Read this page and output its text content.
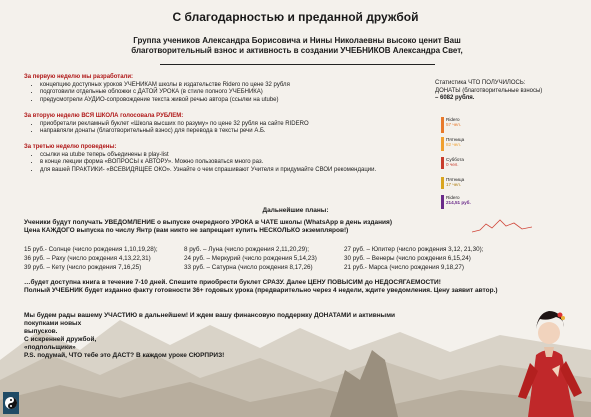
С благодарностью и преданной дружбой
Группа учеников Александра Борисовича и Нины Николаевны высоко ценит Ваш
благотворительный взнос и активность в создании УЧЕБНИКОВ Александра Свет,
За первую неделю мы разработали:
• концепцию доступных уроков УЧЕНИКАМ школы в издательстве Ridero по цене 32 рубля
• подготовили отдельные обложки с ДАТОЙ УРОКА (в стиле полного УЧЕБНИКА)
• предусмотрели АУДИО-сопровождение текста живой речью автора (ссылки на utube)
За вторую неделю ВСЯ ШКОЛА голосовала РУБЛЕМ:
• приобретали рекламный буклет «Школа высших по разуму» по цене 32 рубля на сайте RIDERO
• направляли донаты (благотворительный взнос) для перевода в тексты речи А.Б.
За третью неделю проведены:
• ссылки на utube теперь объединены в play-list
• в конце лекции форма «ВОПРОСЫ к АВТОРУ». Можно пользоваться много раз.
• для вашей ПРАКТИКИ- «ВСЕВИДЯЩЕЕ ОКО». Узнайте о чем спрашивают Учителя и придумайте СВОИ рекомендации.
Статистика ЧТО ПОЛУЧИЛОСЬ:
ДОНАТЫ (благотворительные взносы)
– 6082 рубля.
Ridero
57 чел.
Пятница
82 чел.
Суббота
0 чел.
Пятница
17 чел.
Ridero
214,51 руб.
Дальнейшие планы:
Ученики будут получать УВЕДОМЛЕНИЕ о выпуске очередного УРОКА в ЧАТЕ школы (WhatsApp в день издания)
Цена КАЖДОГО выпуска по числу Янтр (вам никто не запрещает купить НЕСКОЛЬКО экземпляров!)
15 руб.- Солнце (число рождения 1,10,19,28);	8 руб. – Луна (число рождения 2,11,20,29);	27 руб. – Юпитер (число рождения 3,12, 21,30);
36 руб. – Раху (число рождения 4,13,22,31)	24 руб. – Меркурий (число рождения 5,14,23)	30 руб. – Венеры (число рождения 6,15,24)
39 руб. – Кету (число рождения 7,16,25)	33 руб. – Сатурна (число рождения 8,17,26)	21 руб.- Марса (число рождения 9,18,27)
…будет доступна книга в течение 7-10 дней. Спешите приобрести буклет СРАЗУ. Далее ЦЕНУ ПОВЫСИМ до НЕДОСЯГАЕМОСТИ!
Полный УЧЕБНИК будет изданно факту готовности 36+ годовых урока (предварительно через 4 недели, ждите уведомления. Цену заявит автор.)
Мы будем рады вашему УЧАСТИЮ в дальнейшем! И ждем вашу финансовую поддержку ДОНАТАМИ и активными покупками новых
выпусков.
С искренней дружбой,
«подпольщики»
P.S. подумай, ЧТО тебе это ДАСТ? В каждом уроке СЮРПРИЗ!
